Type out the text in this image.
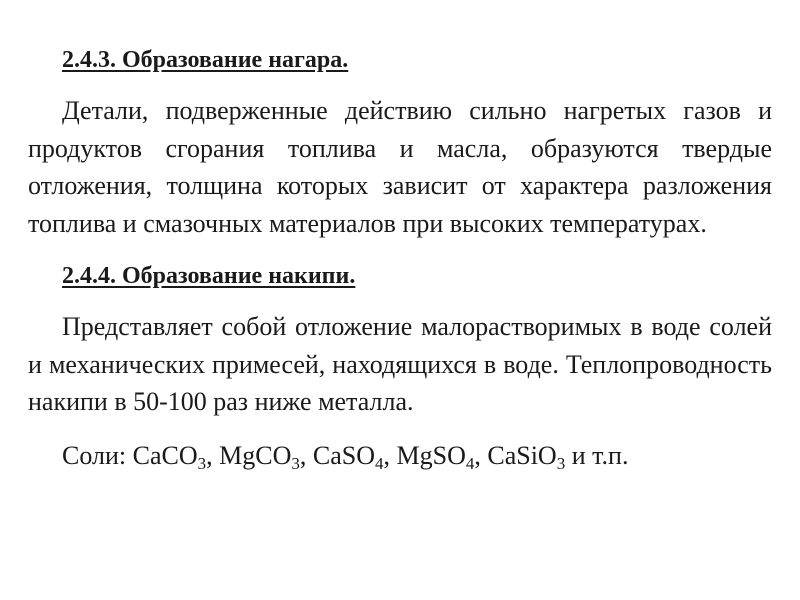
2.4.3. Образование нагара.

Детали, подверженные действию сильно нагретых газов и продуктов сгорания топлива и масла, образуются твердые отложения, толщина которых зависит от характера разложения топлива и смазочных материалов при высоких температурах.

2.4.4. Образование накипи.

Представляет собой отложение малорастворимых в воде солей и механических примесей, находящихся в воде. Теплопроводность накипи в 50-100 раз ниже металла.

Соли: CaCO$_3$, MgCO$_3$, CaSO$_4$, MgSO$_4$, CaSiO$_3$ и т.п.
